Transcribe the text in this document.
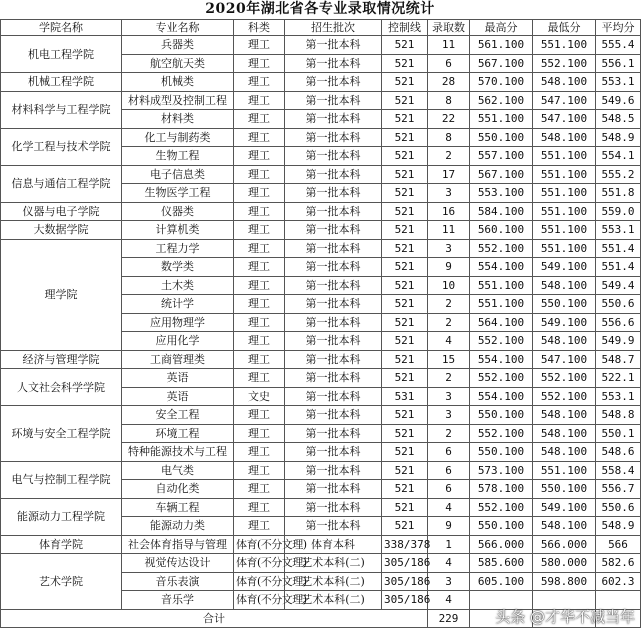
2020年湖北省各专业录取情况统计
学院名称	专业名称	科类	招生批次	控制线	录取数	最高分	最低分	平均分
机电工程学院	兵器类	理工	第一批本科	521	11	561.100	551.100	555.4
	航空航天类	理工	第一批本科	521	6	567.100	552.100	556.1
机械工程学院	机械类	理工	第一批本科	521	28	570.100	548.100	553.1
材料科学与工程学院	材料成型及控制工程	理工	第一批本科	521	8	562.100	547.100	549.6
	材料类	理工	第一批本科	521	22	551.100	547.100	548.5
化学工程与技术学院	化工与制药类	理工	第一批本科	521	8	550.100	548.100	548.9
	生物工程	理工	第一批本科	521	2	557.100	551.100	554.1
信息与通信工程学院	电子信息类	理工	第一批本科	521	17	567.100	551.100	555.2
	生物医学工程	理工	第一批本科	521	3	553.100	551.100	551.8
仪器与电子学院	仪器类	理工	第一批本科	521	16	584.100	551.100	559.0
大数据学院	计算机类	理工	第一批本科	521	11	560.100	551.100	553.1
理学院	工程力学	理工	第一批本科	521	3	552.100	551.100	551.4
	数学类	理工	第一批本科	521	9	554.100	549.100	551.4
	土木类	理工	第一批本科	521	10	551.100	548.100	549.4
	统计学	理工	第一批本科	521	2	551.100	550.100	550.6
	应用物理学	理工	第一批本科	521	2	564.100	549.100	556.6
	应用化学	理工	第一批本科	521	4	552.100	548.100	549.9
经济与管理学院	工商管理类	理工	第一批本科	521	15	554.100	547.100	548.7
人文社会科学学院	英语	理工	第一批本科	521	2	552.100	552.100	522.1
	英语	文史	第一批本科	531	3	554.100	552.100	553.1
环境与安全工程学院	安全工程	理工	第一批本科	521	3	550.100	548.100	548.8
	环境工程	理工	第一批本科	521	2	552.100	548.100	550.1
	特种能源技术与工程	理工	第一批本科	521	6	550.100	548.100	548.6
电气与控制工程学院	电气类	理工	第一批本科	521	6	573.100	551.100	558.4
	自动化类	理工	第一批本科	521	6	578.100	550.100	556.7
能源动力工程学院	车辆工程	理工	第一批本科	521	4	552.100	549.100	550.6
	能源动力类	理工	第一批本科	521	9	550.100	548.100	548.9
体育学院	社会体育指导与管理	体育(不分文理)	体育本科	338/378	1	566.000	566.000	566
艺术学院	视觉传达设计	体育(不分文理)	艺术本科(二)	305/186	4	585.600	580.000	582.6
	音乐表演	体育(不分文理)	艺术本科(二)	305/186	3	605.100	598.800	602.3
	音乐学	体育(不分文理)	艺术本科(二)	305/186	4			
合计					229			头条 @才华不减当年
